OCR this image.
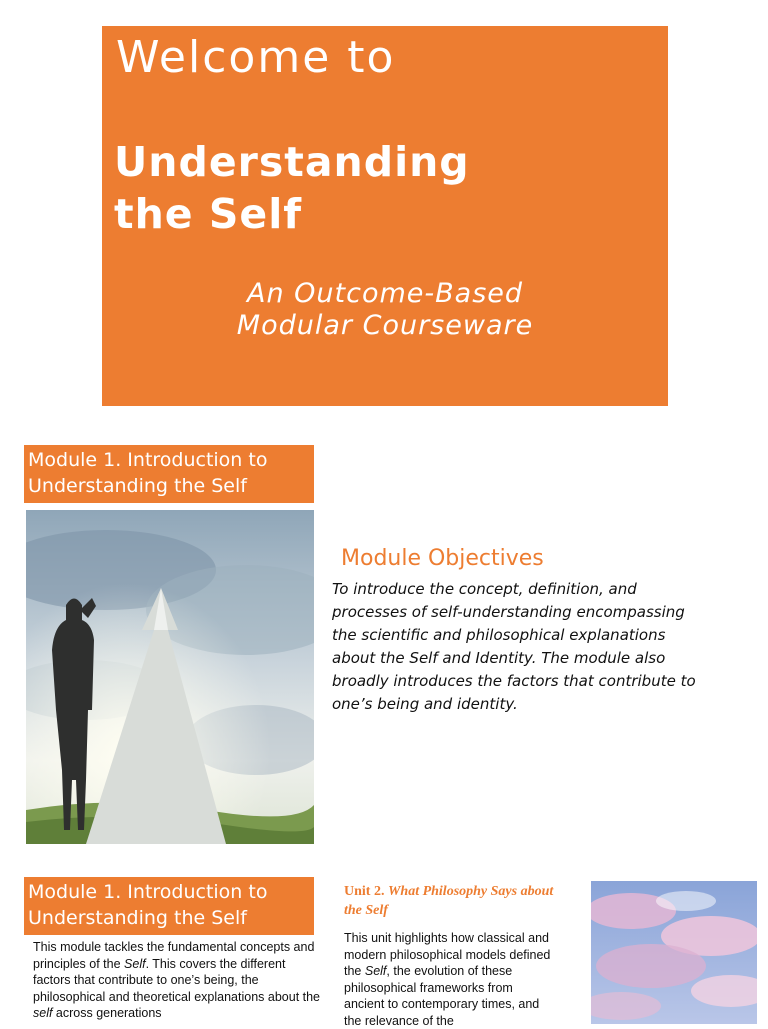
Welcome to
Understanding
the Self
An Outcome-Based
Modular Courseware
Module 1. Introduction to
Understanding the Self
Module Objectives
To introduce the concept, definition, and processes of self-understanding encompassing the scientific and philosophical explanations about the Self and Identity. The module also broadly introduces the factors that contribute to one’s being and identity.
Module 1. Introduction to
Understanding the Self
This module tackles the fundamental concepts and principles of the Self. This covers the different factors that contribute to one’s being, the philosophical and theoretical explanations about the self across generations
Unit 2. What Philosophy Says about the Self
This unit highlights how classical and modern philosophical models defined the Self, the evolution of these philosophical frameworks from ancient to contemporary times, and the relevance of the
